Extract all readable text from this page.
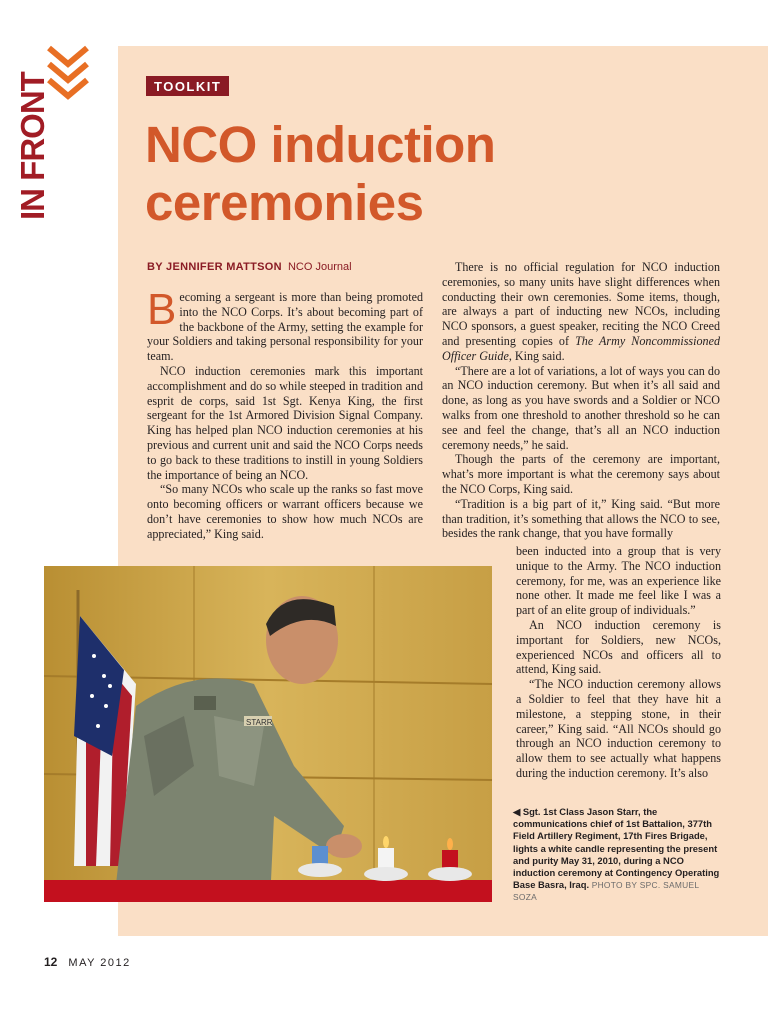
IN FRONT	TOOLKIT
NCO induction ceremonies
BY JENNIFER MATTSON NCO Journal

Becoming a sergeant is more than being promoted into the NCO Corps. It’s about becoming part of the backbone of the Army, setting the example for your Soldiers and taking personal responsibility for your team.

NCO induction ceremonies mark this important accomplishment and do so while steeped in tradition and esprit de corps, said 1st Sgt. Kenya King, the first sergeant for the 1st Armored Division Signal Company. King has helped plan NCO induction ceremonies at his previous and current unit and said the NCO Corps needs to go back to these traditions to instill in young Soldiers the importance of being an NCO.

“So many NCOs who scale up the ranks so fast move onto becoming officers or warrant officers because we don’t have ceremonies to show how much NCOs are appreciated,” King said.

There is no official regulation for NCO induction ceremonies, so many units have slight differences when conducting their own ceremonies. Some items, though, are always a part of inducting new NCOs, including NCO sponsors, a guest speaker, reciting the NCO Creed and presenting copies of The Army Noncommissioned Officer Guide, King said.

“There are a lot of variations, a lot of ways you can do an NCO induction ceremony. But when it’s all said and done, as long as you have swords and a Soldier or NCO walks from one threshold to another threshold so he can see and feel the change, that’s all an NCO induction ceremony needs,” he said.

Though the parts of the ceremony are important, what’s more important is what the ceremony says about the NCO Corps, King said.

“Tradition is a big part of it,” King said. “But more than tradition, it’s something that allows the NCO to see, besides the rank change, that you have formally

been inducted into a group that is very unique to the Army. The NCO induction ceremony, for me, was an experience like none other. It made me feel like I was a part of an elite group of individuals.”

An NCO induction ceremony is important for Soldiers, new NCOs, experienced NCOs and officers all to attend, King said.

“The NCO induction ceremony allows a Soldier to feel that they have hit a milestone, a stepping stone, in their career,” King said. “All NCOs should go through an NCO induction ceremony to allow them to see actually what happens during the induction ceremony. It’s also

STARR
◀ Sgt. 1st Class Jason Starr, the communications chief of 1st Battalion, 377th Field Artillery Regiment, 17th Fires Brigade, lights a white candle representing the present and purity May 31, 2010, during a NCO induction ceremony at Contingency Operating Base Basra, Iraq. PHOTO BY SPC. SAMUEL SOZA
12 MAY 2012
